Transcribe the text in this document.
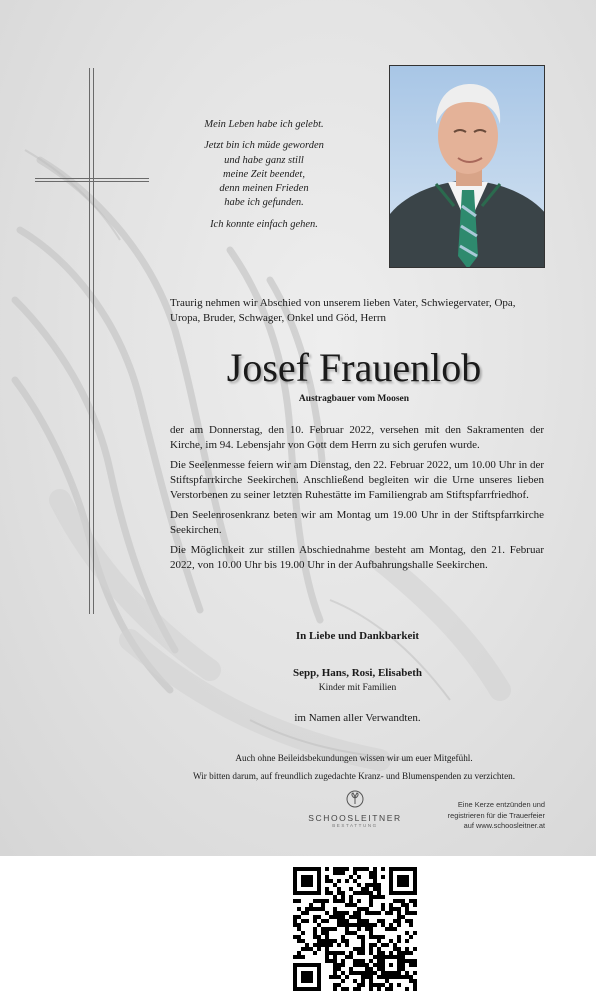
Mein Leben habe ich gelebt.

Jetzt bin ich müde geworden
und habe ganz still
meine Zeit beendet,
denn meinen Frieden
habe ich gefunden.

Ich konnte einfach gehen.

Traurig nehmen wir Abschied von unserem lieben Vater, Schwiegervater, Opa, Uropa, Bruder, Schwager, Onkel und Göd, Herrn
Josef Frauenlob
Austragbauer vom Moosen

der am Donnerstag, den 10. Februar 2022, versehen mit den Sakramenten der Kirche, im 94. Lebensjahr von Gott dem Herrn zu sich gerufen wurde.

Die Seelenmesse feiern wir am Dienstag, den 22. Februar 2022, um 10.00 Uhr in der Stiftspfarrkirche Seekirchen. Anschließend begleiten wir die Urne unseres lieben Verstorbenen zu seiner letzten Ruhestätte im Familiengrab am Stiftspfarrfriedhof.

Den Seelenrosenkranz beten wir am Montag um 19.00 Uhr in der Stiftspfarrkirche Seekirchen.

Die Möglichkeit zur stillen Abschiednahme besteht am Montag, den 21. Februar 2022, von 10.00 Uhr bis 19.00 Uhr in der Aufbahrungshalle Seekirchen.

In Liebe und Dankbarkeit
Sepp, Hans, Rosi, Elisabeth
Kinder mit Familien
im Namen aller Verwandten.
Auch ohne Beileidsbekundungen wissen wir um euer Mitgefühl.
Wir bitten darum, auf freundlich zugedachte Kranz- und Blumenspenden zu verzichten.
SCHOOSLEITNER
BESTATTUNG
Eine Kerze entzünden und
registrieren für die Trauerfeier
auf www.schoosleitner.at
